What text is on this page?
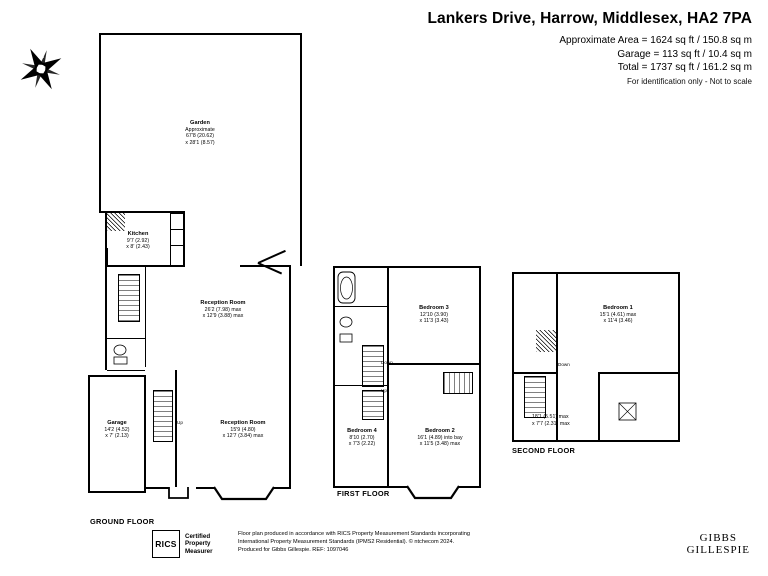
Lankers Drive, Harrow, Middlesex, HA2 7PA
Approximate Area = 1624 sq ft / 150.8 sq m
Garage = 113 sq ft / 10.4 sq m
Total = 1737 sq ft / 161.2 sq m
For identification only - Not to scale
N
Garden
Approximate
67'8 (20.62)
x 28'1 (8.57)
Kitchen
9'7 (2.92)
x 8' (2.43)
Reception Room
26'2 (7.98) max
x 12'9 (3.88) max
Garage
14'2 (4.52)
x 7' (2.13)
Up	Reception Room
15'9 (4.80)
x 12'7 (3.84) max
GROUND FLOOR
Bedroom 3
12'10 (3.90)
x 11'3 (3.43)
Down
Up
Bedroom 4
8'10 (2.70)
x 7'3 (2.22)
Bedroom 2
16'1 (4.89) into bay
x 11'5 (3.48) max
FIRST FLOOR
Down
Bedroom 1
15'1 (4.61) max
x 11'4 (3.46)
18'1 (5.51) max
x 7'7 (2.31) max
SECOND FLOOR
RICS
Certified
Property
Measurer
Floor plan produced in accordance with RICS Property Measurement Standards incorporating
International Property Measurement Standards (IPMS2 Residential). © ntchecom 2024.
Produced for Gibbs Gillespie. REF: 1097046
GIBBS
GILLESPIE
